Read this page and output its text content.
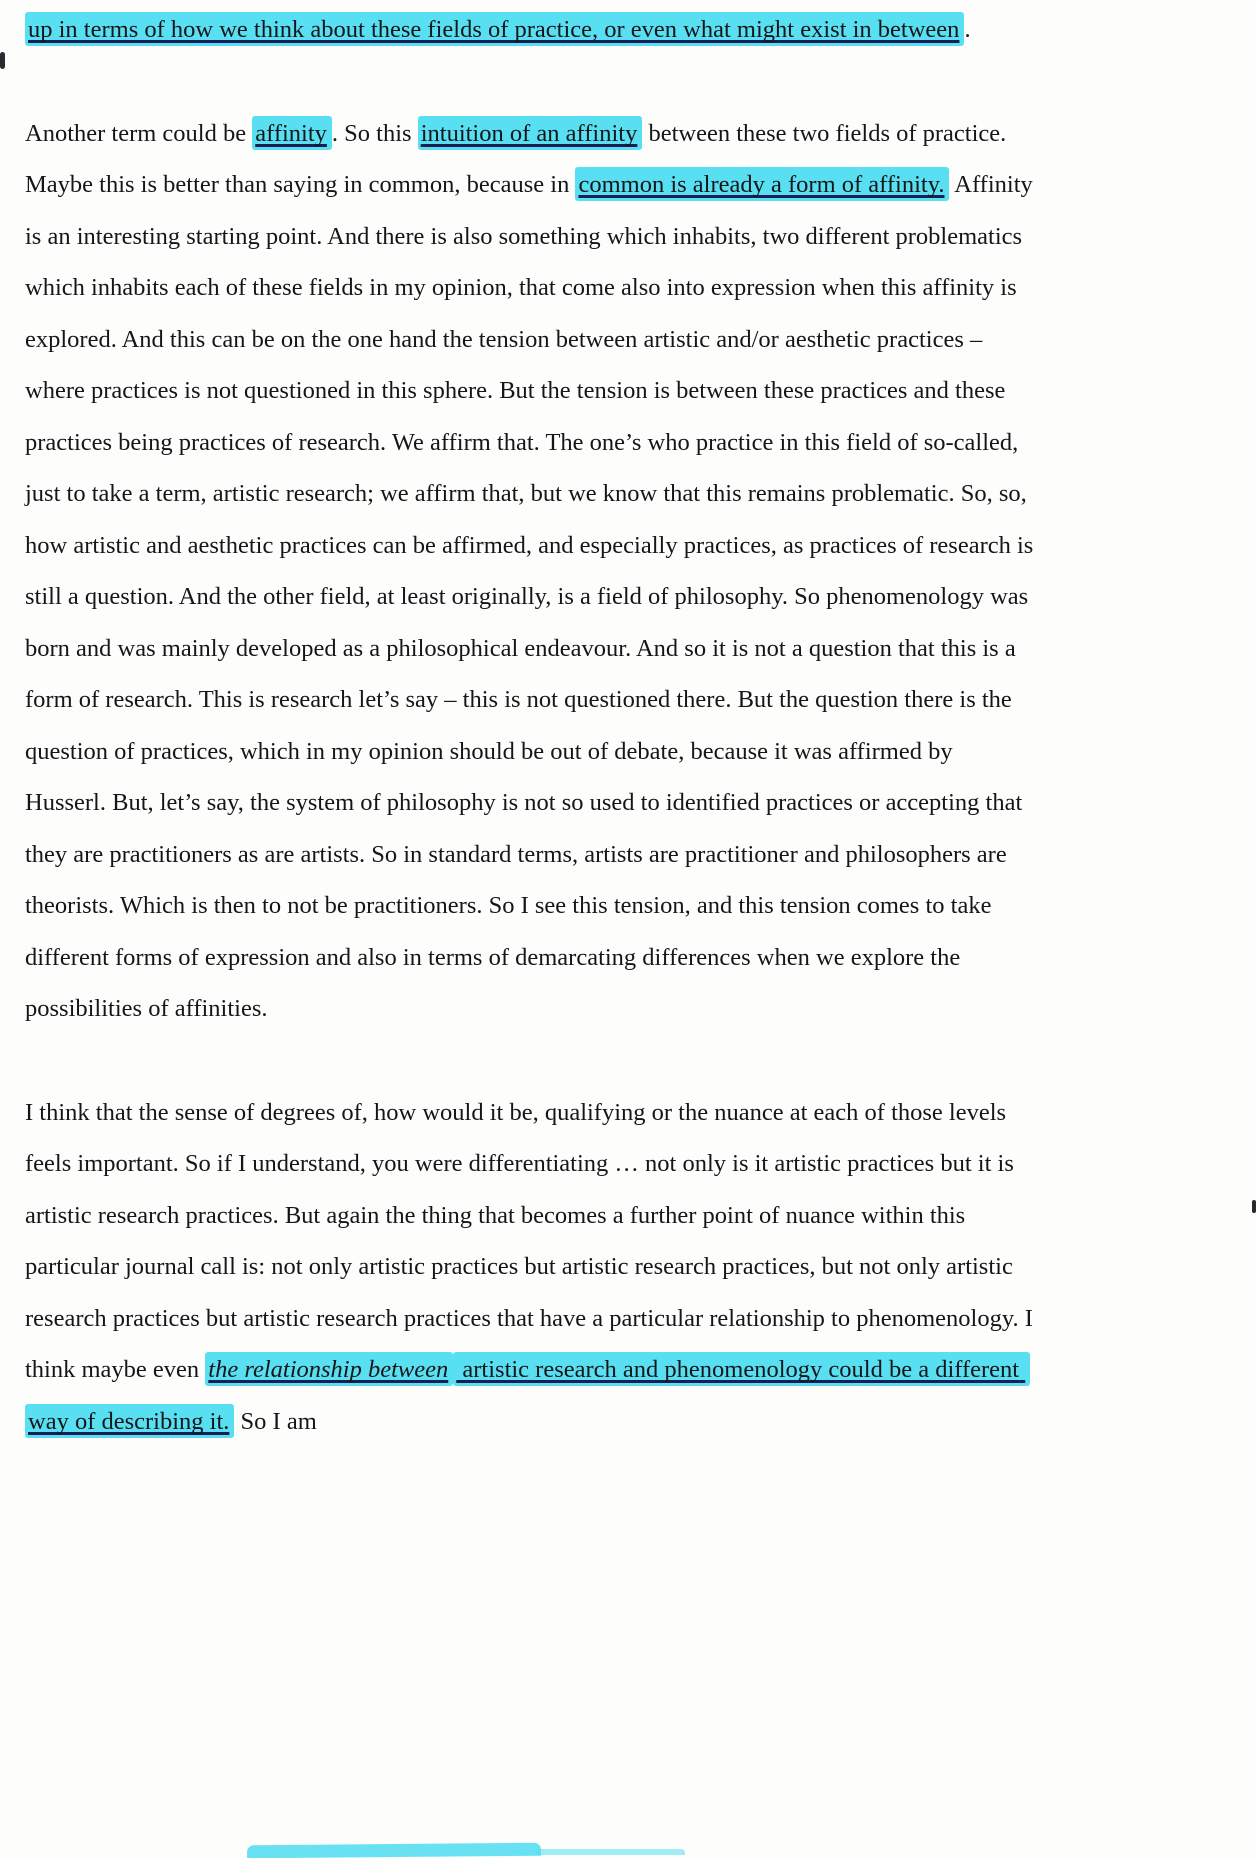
up in terms of how we think about these fields of practice, or even what might exist in between .

Another term could be affinity . So this intuition of an affinity between these two fields of practice. Maybe this is better than saying in common, because in common is already a form of affinity. Affinity is an interesting starting point. And there is also something which inhabits, two different problematics which inhabits each of these fields in my opinion, that come also into expression when this affinity is explored. And this can be on the one hand the tension between artistic and/or aesthetic practices – where practices is not questioned in this sphere. But the tension is between these practices and these practices being practices of research. We affirm that. The one’s who practice in this field of so-called, just to take a term, artistic research; we affirm that, but we know that this remains problematic. So, so, how artistic and aesthetic practices can be affirmed, and especially practices, as practices of research is still a question. And the other field, at least originally, is a field of philosophy. So phenomenology was born and was mainly developed as a philosophical endeavour. And so it is not a question that this is a form of research. This is research let’s say – this is not questioned there. But the question there is the question of practices, which in my opinion should be out of debate, because it was affirmed by Husserl. But, let’s say, the system of philosophy is not so used to identified practices or accepting that they are practitioners as are artists. So in standard terms, artists are practitioner and philosophers are theorists. Which is then to not be practitioners. So I see this tension, and this tension comes to take different forms of expression and also in terms of demarcating differences when we explore the possibilities of affinities.

I think that the sense of degrees of, how would it be, qualifying or the nuance at each of those levels feels important. So if I understand, you were differentiating … not only is it artistic practices but it is artistic research practices. But again the thing that becomes a further point of nuance within this particular journal call is: not only artistic practices but artistic research practices, but not only artistic research practices but artistic research practices that have a particular relationship to phenomenology. I think maybe even the relationship between artistic research and phenomenology could be a different way of describing it. So I am
